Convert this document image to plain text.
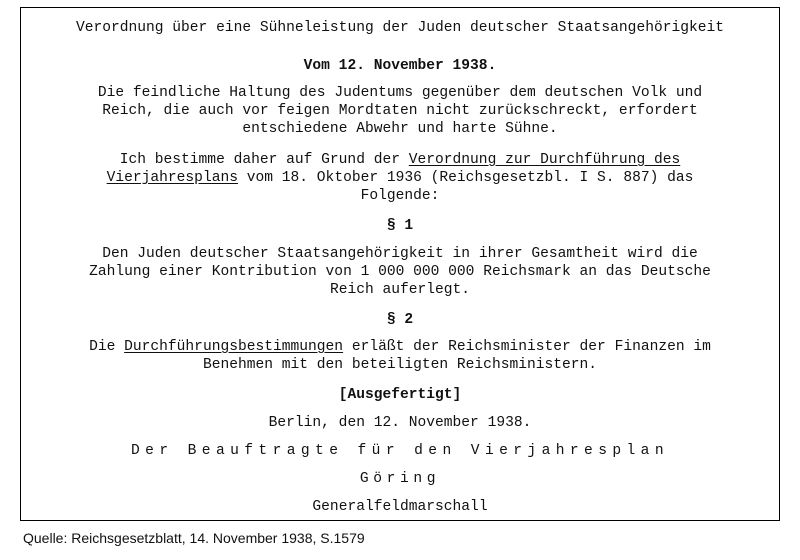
Verordnung über eine Sühneleistung der Juden deutscher Staatsangehörigkeit
Vom 12. November 1938.
Die feindliche Haltung des Judentums gegenüber dem deutschen Volk und
Reich, die auch vor feigen Mordtaten nicht zurückschreckt, erfordert
entschiedene Abwehr und harte Sühne.
Ich bestimme daher auf Grund der Verordnung zur Durchführung des
Vierjahresplans vom 18. Oktober 1936 (Reichsgesetzbl. I S. 887) das
Folgende:
§ 1
Den Juden deutscher Staatsangehörigkeit in ihrer Gesamtheit wird die
Zahlung einer Kontribution von 1 000 000 000 Reichsmark an das Deutsche
Reich auferlegt.
§ 2
Die Durchführungsbestimmungen erläßt der Reichsminister der Finanzen im
Benehmen mit den beteiligten Reichsministern.
[Ausgefertigt]
Berlin, den 12. November 1938.
Der Beauftragte für den Vierjahresplan
Göring
Generalfeldmarschall
Quelle: Reichsgesetzblatt, 14. November 1938, S.1579
